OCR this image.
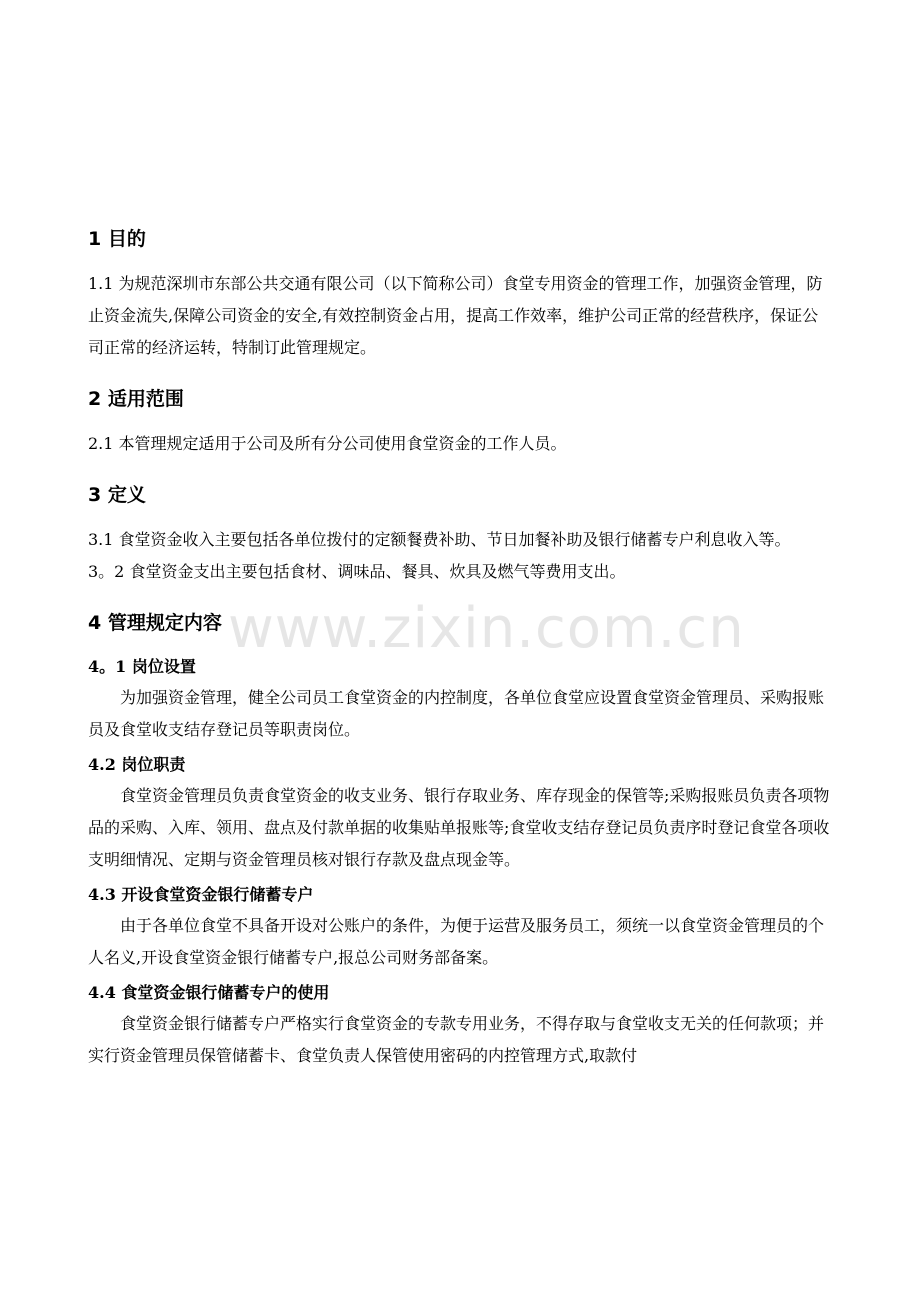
www.zixin.com.cn
1 目的

1.1 为规范深圳市东部公共交通有限公司（以下简称公司）食堂专用资金的管理工作，加强资金管理，防止资金流失,保障公司资金的安全,有效控制资金占用，提高工作效率，维护公司正常的经营秩序，保证公司正常的经济运转，特制订此管理规定。

2 适用范围

2.1 本管理规定适用于公司及所有分公司使用食堂资金的工作人员。

3 定义

3.1 食堂资金收入主要包括各单位拨付的定额餐费补助、节日加餐补助及银行储蓄专户利息收入等。

3。2 食堂资金支出主要包括食材、调味品、餐具、炊具及燃气等费用支出。

4 管理规定内容
4。1 岗位设置

为加强资金管理，健全公司员工食堂资金的内控制度，各单位食堂应设置食堂资金管理员、采购报账员及食堂收支结存登记员等职责岗位。

4.2 岗位职责

食堂资金管理员负责食堂资金的收支业务、银行存取业务、库存现金的保管等;采购报账员负责各项物品的采购、入库、领用、盘点及付款单据的收集贴单报账等;食堂收支结存登记员负责序时登记食堂各项收支明细情况、定期与资金管理员核对银行存款及盘点现金等。

4.3 开设食堂资金银行储蓄专户

由于各单位食堂不具备开设对公账户的条件，为便于运营及服务员工，须统一以食堂资金管理员的个人名义,开设食堂资金银行储蓄专户,报总公司财务部备案。

4.4 食堂资金银行储蓄专户的使用

食堂资金银行储蓄专户严格实行食堂资金的专款专用业务，不得存取与食堂收支无关的任何款项；并实行资金管理员保管储蓄卡、食堂负责人保管使用密码的内控管理方式,取款付
